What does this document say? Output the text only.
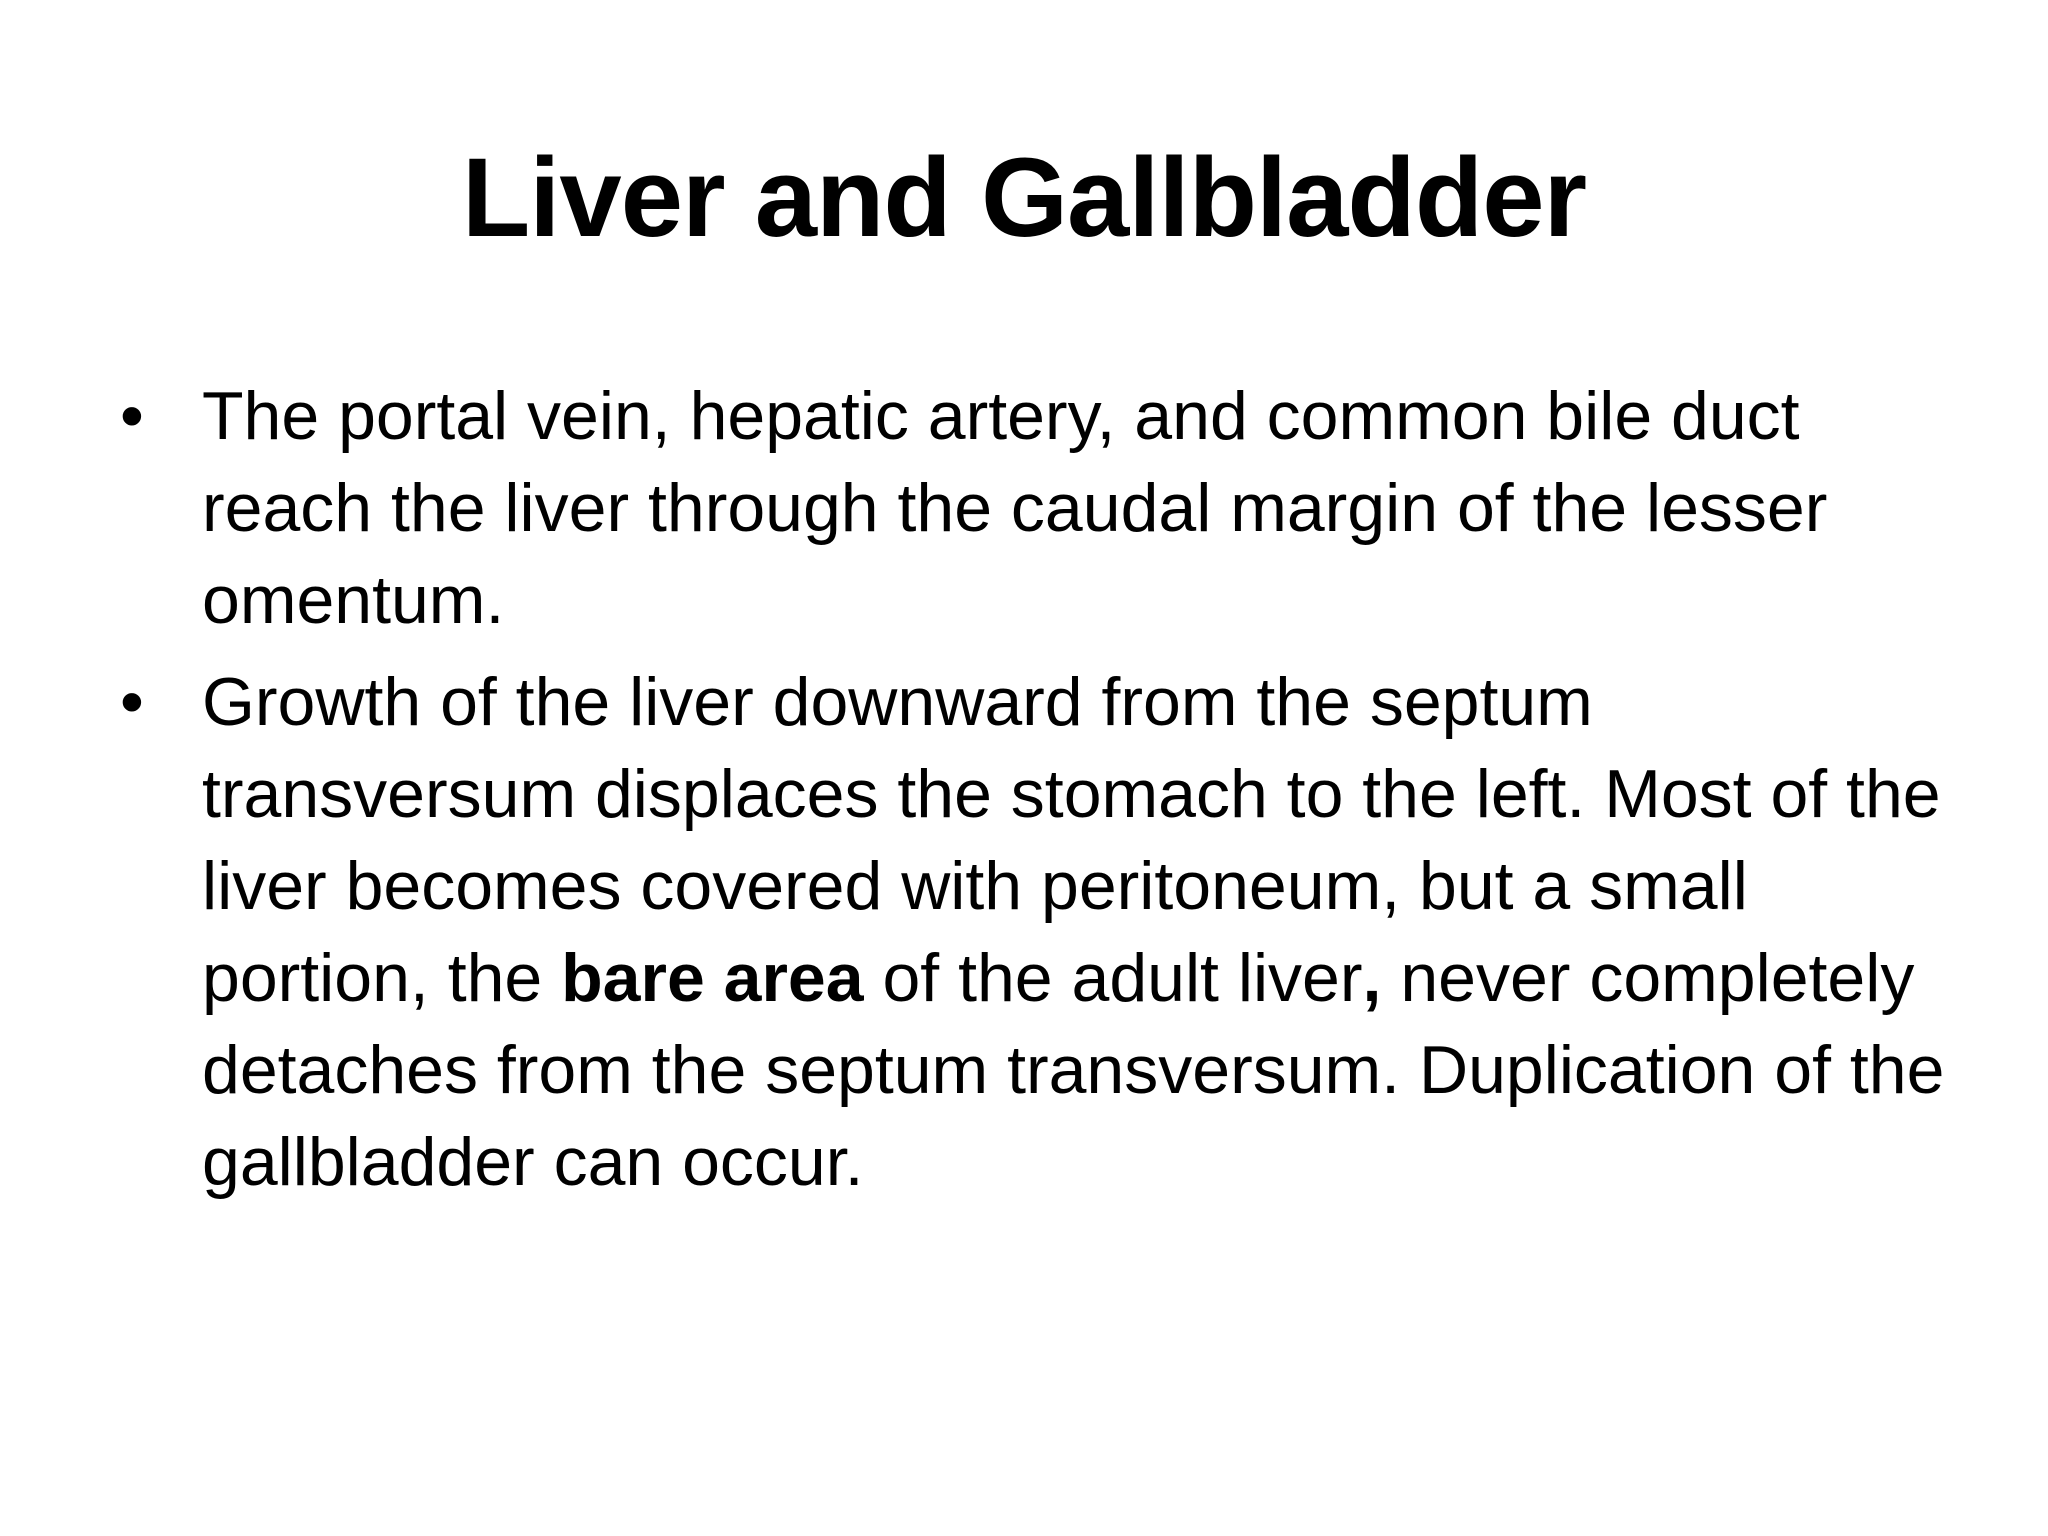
Liver and Gallbladder
• The portal vein, hepatic artery, and common bile duct reach the liver through the caudal margin of the lesser omentum.
• Growth of the liver downward from the septum transversum displaces the stomach to the left. Most of the liver becomes covered with peritoneum, but a small portion, the bare area of the adult liver, never completely detaches from the septum transversum. Duplication of the gallbladder can occur.
